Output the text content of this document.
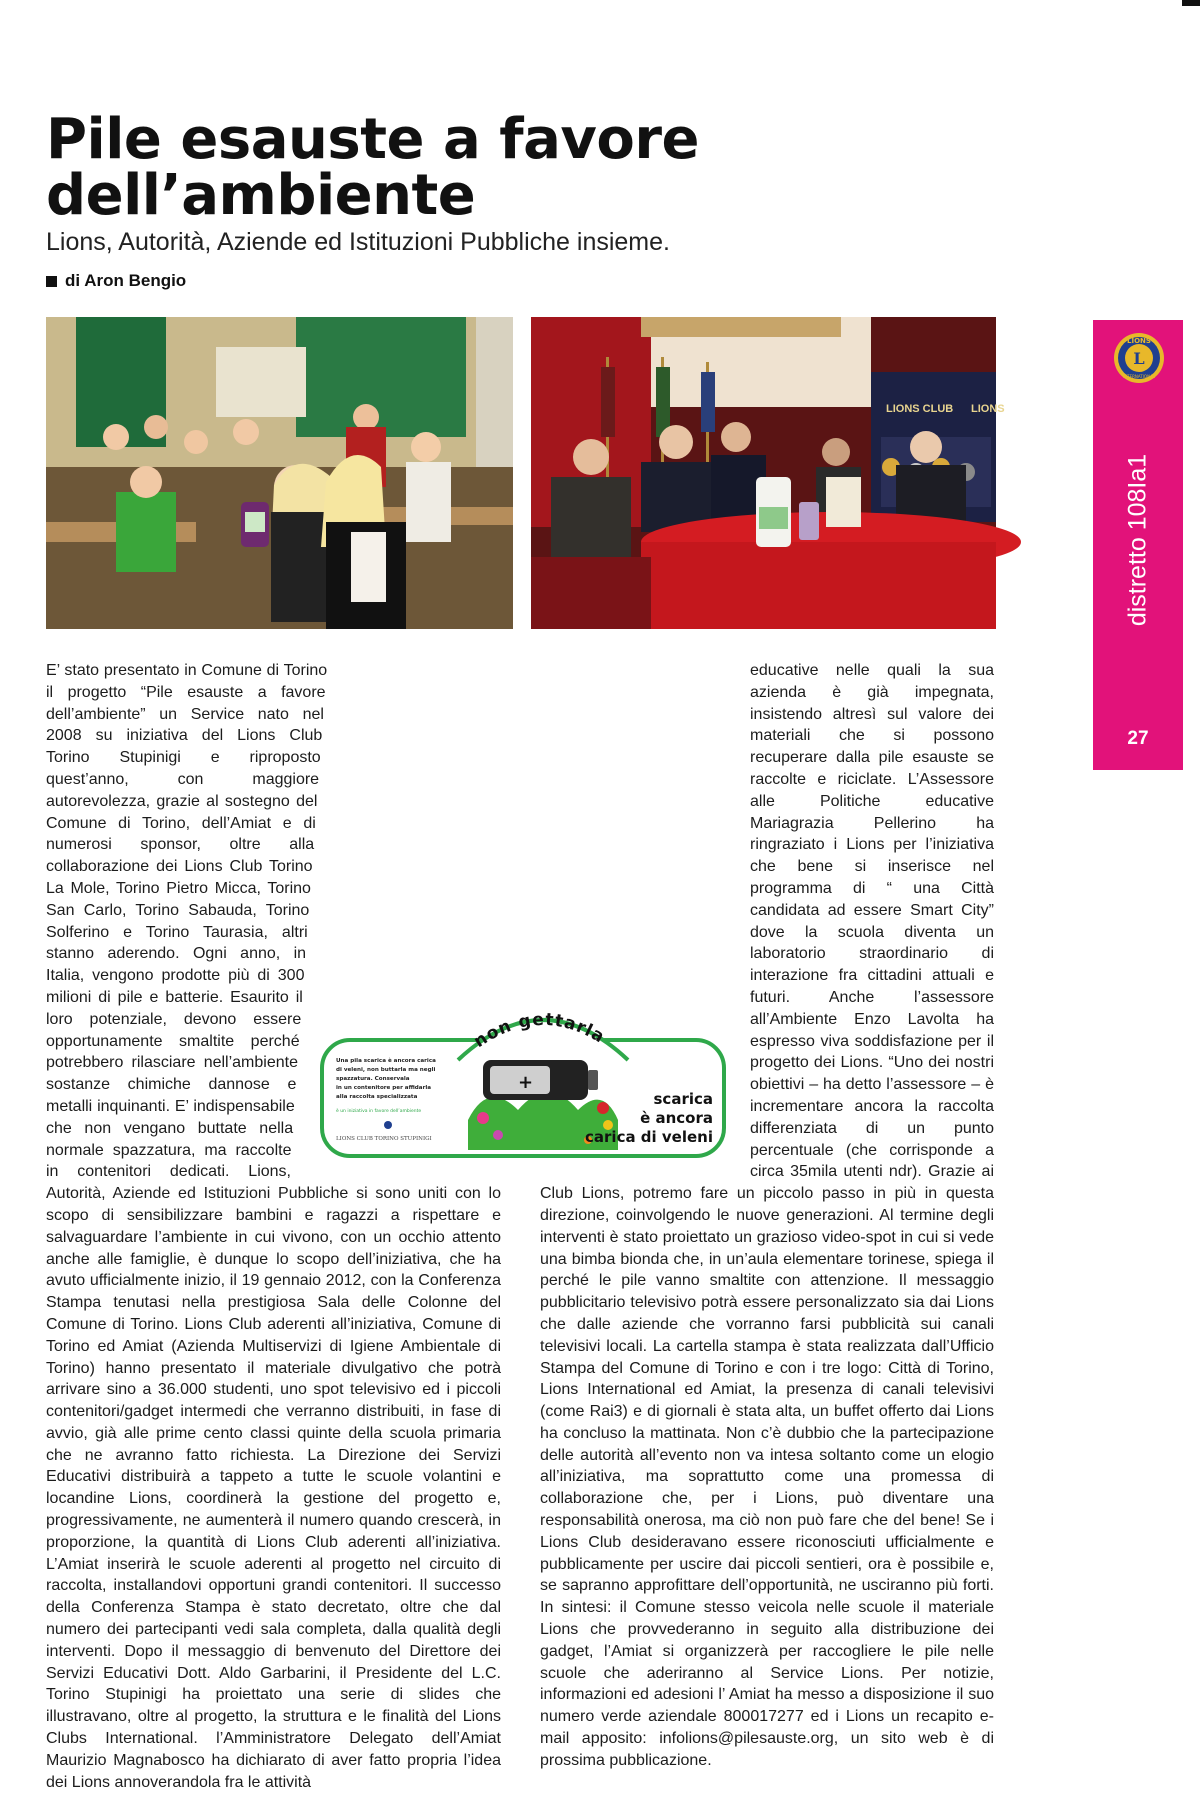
Pile esauste a favore dell’ambiente
Lions, Autorità, Aziende ed Istituzioni Pubbliche insieme.
di Aron Bengio
LIONS CLUB LIONS
LIONS
L
INTERNATIONAL
distretto 108Ia1
27

E’ stato presentato in Comune di Torino il progetto “Pile esauste a favore dell’ambiente” un Service nato nel 2008 su iniziativa del Lions Club Torino Stupinigi e riproposto quest’anno, con maggiore autorevolezza, grazie al sostegno del Comune di Torino, dell’Amiat e di numerosi sponsor, oltre alla collaborazione dei Lions Club Torino La Mole, Torino Pietro Micca, Torino San Carlo, Torino Sabauda, Torino Solferino e Torino Taurasia, altri stanno aderendo. Ogni anno, in Italia, vengono prodotte più di 300 milioni di pile e batterie. Esaurito il loro potenziale, devono essere opportunamente smaltite perché potrebbero rilasciare nell’ambiente sostanze chimiche dannose e metalli inquinanti. E’ indispensabile che non vengano buttate nella normale spazzatura, ma raccolte in contenitori dedicati. Lions, Autorità, Aziende ed Istituzioni Pubbliche si sono uniti con lo scopo di sensibilizzare bambini e ragazzi a rispettare e salvaguardare l’ambiente in cui vivono, con un occhio attento anche alle famiglie, è dunque lo scopo dell’iniziativa, che ha avuto ufficialmente inizio, il 19 gennaio 2012, con la Conferenza Stampa tenutasi nella prestigiosa Sala delle Colonne del Comune di Torino. Lions Club aderenti all’iniziativa, Comune di Torino ed Amiat (Azienda Multiservizi di Igiene Ambientale di Torino) hanno presentato il materiale divulgativo che potrà arrivare sino a 36.000 studenti, uno spot televisivo ed i piccoli contenitori/gadget intermedi che verranno distribuiti, in fase di avvio, già alle prime cento classi quinte della scuola primaria che ne avranno fatto richiesta. La Direzione dei Servizi Educativi distribuirà a tappeto a tutte le scuole volantini e locandine Lions, coordinerà la gestione del progetto e, progressivamente, ne aumenterà il numero quando crescerà, in proporzione, la quantità di Lions Club aderenti all’iniziativa. L’Amiat inserirà le scuole aderenti al progetto nel circuito di raccolta, installandovi opportuni grandi contenitori. Il successo della Conferenza Stampa è stato decretato, oltre che dal numero dei partecipanti vedi sala completa, dalla qualità degli interventi. Dopo il messaggio di benvenuto del Direttore dei Servizi Educativi Dott. Aldo Garbarini, il Presidente del L.C. Torino Stupinigi ha proiettato una serie di slides che illustravano, oltre al progetto, la struttura e le finalità del Lions Clubs International. l’Amministratore Delegato dell’Amiat Maurizio Magnabosco ha dichiarato di aver fatto propria l’idea dei Lions annoverandola fra le attività

educative nelle quali la sua azienda è già impegnata, insistendo altresì sul valore dei materiali che si possono recuperare dalla pile esauste se raccolte e riciclate. L’Assessore alle Politiche educative Mariagrazia Pellerino ha ringraziato i Lions per l’iniziativa che bene si inserisce nel programma di “ una Città candidata ad essere Smart City” dove la scuola diventa un laboratorio straordinario di interazione fra cittadini attuali e futuri. Anche l’assessore all’Ambiente Enzo Lavolta ha espresso viva soddisfazione per il progetto dei Lions. “Uno dei nostri obiettivi – ha detto l’assessore – è incrementare ancora la raccolta differenziata di un punto percentuale (che corrisponde a circa 35mila utenti ndr). Grazie ai Club Lions, potremo fare un piccolo passo in più in questa direzione, coinvolgendo le nuove generazioni. Al termine degli interventi è stato proiettato un grazioso video-spot in cui si vede una bimba bionda che, in un’aula elementare torinese, spiega il perché le pile vanno smaltite con attenzione. Il messaggio pubblicitario televisivo potrà essere personalizzato sia dai Lions che dalle aziende che vorranno farsi pubblicità sui canali televisivi locali. La cartella stampa è stata realizzata dall’Ufficio Stampa del Comune di Torino e con i tre logo: Città di Torino, Lions International ed Amiat, la presenza di canali televisivi (come Rai3) e di giornali è stata alta, un buffet offerto dai Lions ha concluso la mattinata. Non c’è dubbio che la partecipazione delle autorità all’evento non va intesa soltanto come un elogio all’iniziativa, ma soprattutto come una promessa di collaborazione che, per i Lions, può diventare una responsabilità onerosa, ma ciò non può fare che del bene! Se i Lions Club desideravano essere riconosciuti ufficialmente e pubblicamente per uscire dai piccoli sentieri, ora è possibile e, se sapranno approfittare dell’opportunità, ne usciranno più forti. In sintesi: il Comune stesso veicola nelle scuole il materiale Lions che provvederanno in seguito alla distribuzione dei gadget, l’Amiat si organizzerà per raccogliere le pile nelle scuole che aderiranno al Service Lions. Per notizie, informazioni ed adesioni l’ Amiat ha messo a disposizione il suo numero verde aziendale 800017277 ed i Lions un recapito e-mail apposito: infolions@pilesauste.org, un sito web è di prossima pubblicazione.

non gettarla
Una pila scarica è ancora carica
di veleni, non buttarla ma negli
spazzatura. Conservala
in un contenitore per affidarla
alla raccolta specializzata
è un iniziativa in favore dell’ambiente
LIONS CLUB TORINO STUPINIGI
+
scarica
è ancora
carica di veleni
